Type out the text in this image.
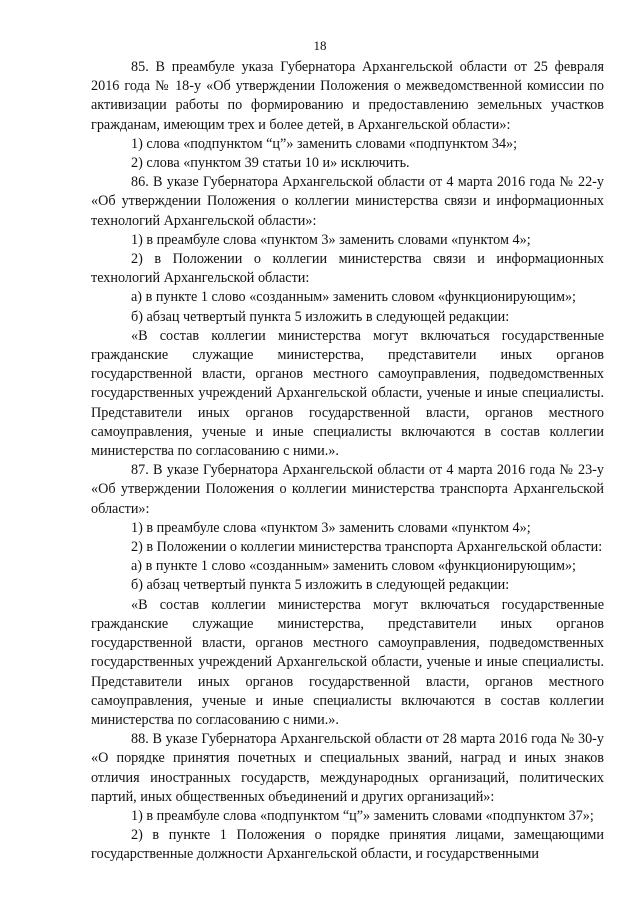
18

85. В преамбуле указа Губернатора Архангельской области от 25 февраля 2016 года № 18-у «Об утверждении Положения о межведомственной комиссии по активизации работы по формированию и предоставлению земельных участков гражданам, имеющим трех и более детей, в Архангельской области»:

1) слова «подпунктом “ц”» заменить словами «подпунктом 34»;

2) слова «пунктом 39 статьи 10 и» исключить.

86. В указе Губернатора Архангельской области от 4 марта 2016 года № 22-у «Об утверждении Положения о коллегии министерства связи и информационных технологий Архангельской области»:

1) в преамбуле слова «пунктом 3» заменить словами «пунктом 4»;

2) в Положении о коллегии министерства связи и информационных технологий Архангельской области:

а) в пункте 1 слово «созданным» заменить словом «функционирующим»;

б) абзац четвертый пункта 5 изложить в следующей редакции:

«В состав коллегии министерства могут включаться государственные гражданские служащие министерства, представители иных органов государственной власти, органов местного самоуправления, подведомственных государственных учреждений Архангельской области, ученые и иные специалисты. Представители иных органов государственной власти, органов местного самоуправления, ученые и иные специалисты включаются в состав коллегии министерства по согласованию с ними.».

87. В указе Губернатора Архангельской области от 4 марта 2016 года № 23-у «Об утверждении Положения о коллегии министерства транспорта Архангельской области»:

1) в преамбуле слова «пунктом 3» заменить словами «пунктом 4»;

2) в Положении о коллегии министерства транспорта Архангельской области:

а) в пункте 1 слово «созданным» заменить словом «функционирующим»;

б) абзац четвертый пункта 5 изложить в следующей редакции:

«В состав коллегии министерства могут включаться государственные гражданские служащие министерства, представители иных органов государственной власти, органов местного самоуправления, подведомственных государственных учреждений Архангельской области, ученые и иные специалисты. Представители иных органов государственной власти, органов местного самоуправления, ученые и иные специалисты включаются в состав коллегии министерства по согласованию с ними.».

88. В указе Губернатора Архангельской области от 28 марта 2016 года № 30-у «О порядке принятия почетных и специальных званий, наград и иных знаков отличия иностранных государств, международных организаций, политических партий, иных общественных объединений и других организаций»:

1) в преамбуле слова «подпунктом “ц”» заменить словами «подпунктом 37»;

2) в пункте 1 Положения о порядке принятия лицами, замещающими государственные должности Архангельской области, и государственными
